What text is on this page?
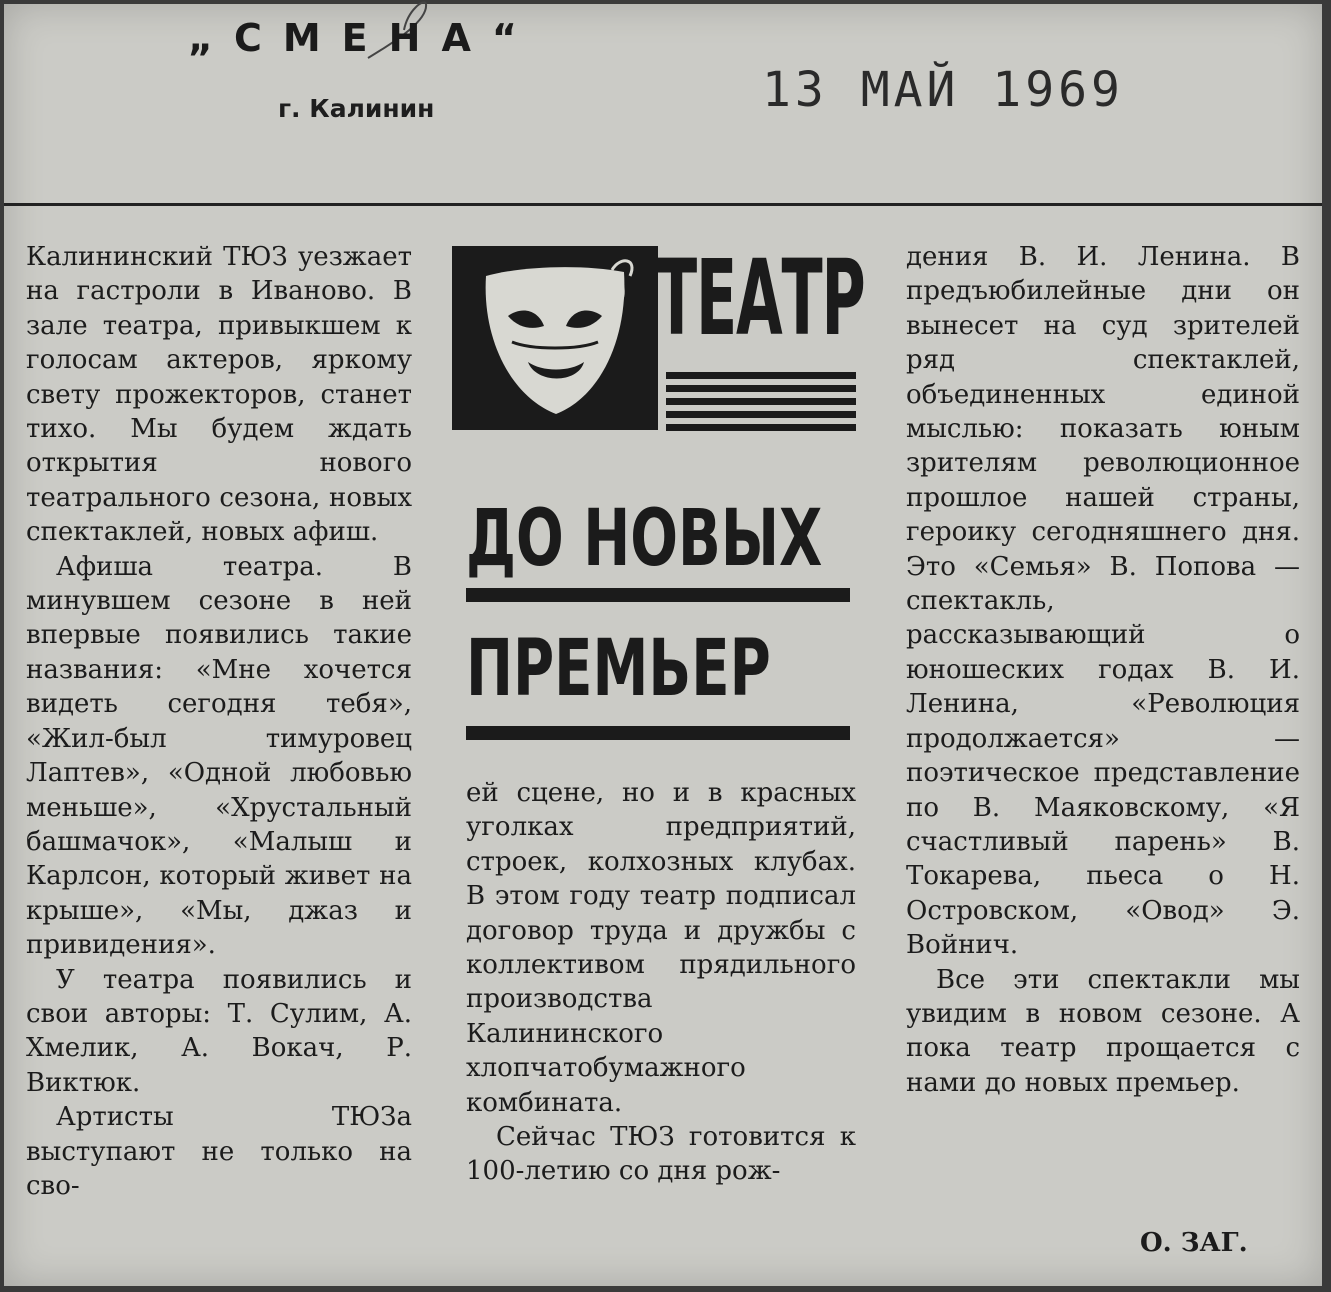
„СМЕНА“
г. Калинин	13 МАЙ 1969

Калининский ТЮЗ уезжает на гастроли в Иваново. В зале театра, привыкшем к голосам актеров, яркому свету прожекторов, станет тихо. Мы будем ждать открытия нового театрального сезона, новых спектаклей, новых афиш.

Афиша театра. В минувшем сезоне в ней впервые появились такие названия: «Мне хочется видеть сегодня тебя», «Жил-был тимуровец Лаптев», «Одной любовью меньше», «Хрустальный башмачок», «Малыш и Карлсон, который живет на крыше», «Мы, джаз и привидения».

У театра появились и свои авторы: Т. Сулим, А. Хмелик, А. Вокач, Р. Виктюк.

Артисты ТЮЗа выступают не только на сво-

ТЕАТР
ДО НОВЫХ
ПРЕМЬЕР

ей сцене, но и в красных уголках предприятий, строек, колхозных клубах. В этом году театр подписал договор труда и дружбы с коллективом прядильного производства Калининского хлопчатобумажного комбината.

Сейчас ТЮЗ готовится к 100-летию со дня рож-

дения В. И. Ленина. В предъюбилейные дни он вынесет на суд зрителей ряд спектаклей, объединенных единой мыслью: показать юным зрителям революционное прошлое нашей страны, героику сегодняшнего дня. Это «Семья» В. Попова — спектакль, рассказывающий о юношеских годах В. И. Ленина, «Революция продолжается» — поэтическое представление по В. Маяковскому, «Я счастливый парень» В. Токарева, пьеса о Н. Островском, «Овод» Э. Войнич.

Все эти спектакли мы увидим в новом сезоне. А пока театр прощается с нами до новых премьер.

О. ЗАГ.
